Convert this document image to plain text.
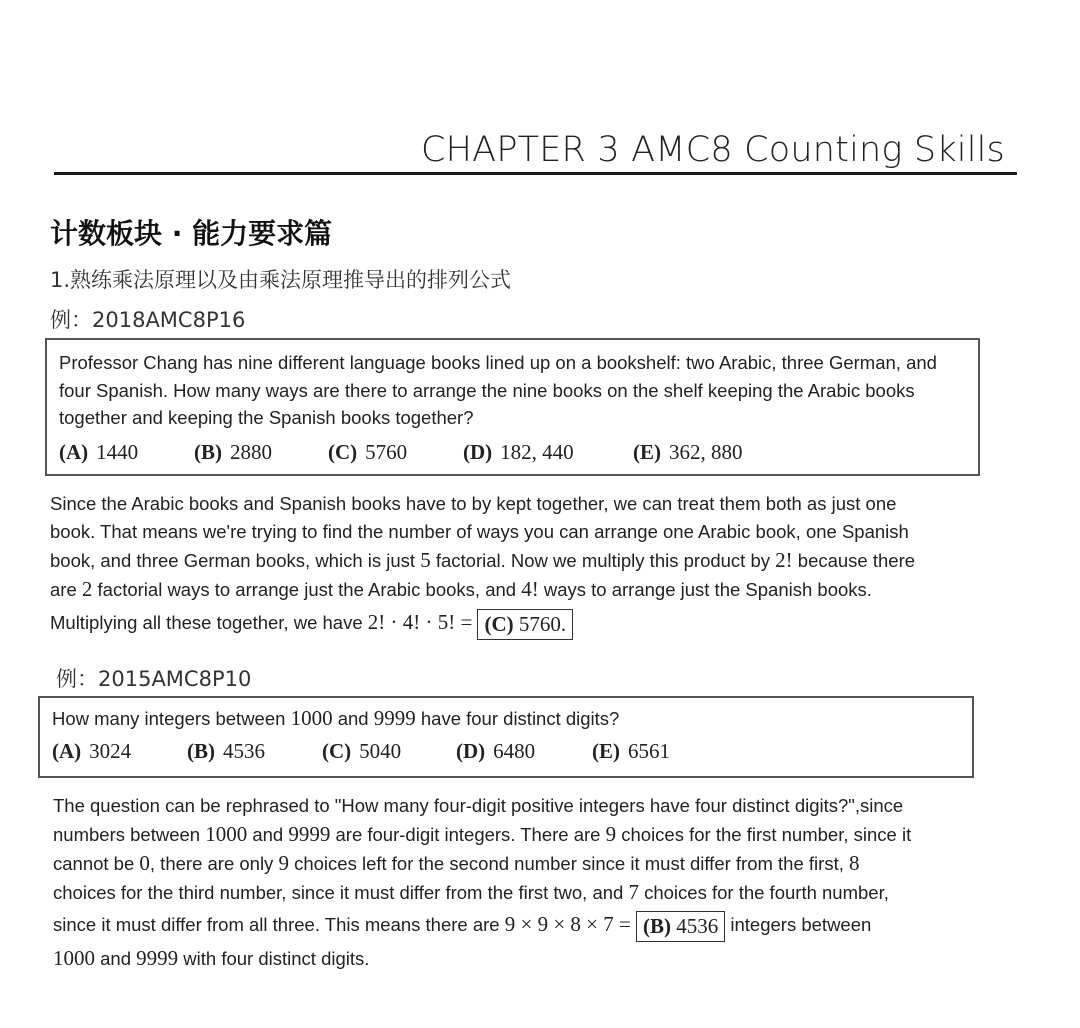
CHAPTER 3 AMC8 Counting Skills
计数板块 · 能力要求篇
1.熟练乘法原理以及由乘法原理推导出的排列公式
例：2018AMC8P16
Professor Chang has nine different language books lined up on a bookshelf: two Arabic, three German, and
four Spanish. How many ways are there to arrange the nine books on the shelf keeping the Arabic books
together and keeping the Spanish books together?
(A) 1440	(B) 2880	(C) 5760	(D) 182, 440	(E) 362, 880
Since the Arabic books and Spanish books have to by kept together, we can treat them both as just one
book. That means we're trying to find the number of ways you can arrange one Arabic book, one Spanish
book, and three German books, which is just 5 factorial. Now we multiply this product by 2! because there
are 2 factorial ways to arrange just the Arabic books, and 4! ways to arrange just the Spanish books.
Multiplying all these together, we have 2! · 4! · 5! = (C) 5760.
例：2015AMC8P10
How many integers between 1000 and 9999 have four distinct digits?
(A) 3024	(B) 4536	(C) 5040	(D) 6480	(E) 6561
The question can be rephrased to "How many four-digit positive integers have four distinct digits?",since
numbers between 1000 and 9999 are four-digit integers. There are 9 choices for the first number, since it
cannot be 0, there are only 9 choices left for the second number since it must differ from the first, 8
choices for the third number, since it must differ from the first two, and 7 choices for the fourth number,
since it must differ from all three. This means there are 9 × 9 × 8 × 7 = (B) 4536 integers between
1000 and 9999 with four distinct digits.
